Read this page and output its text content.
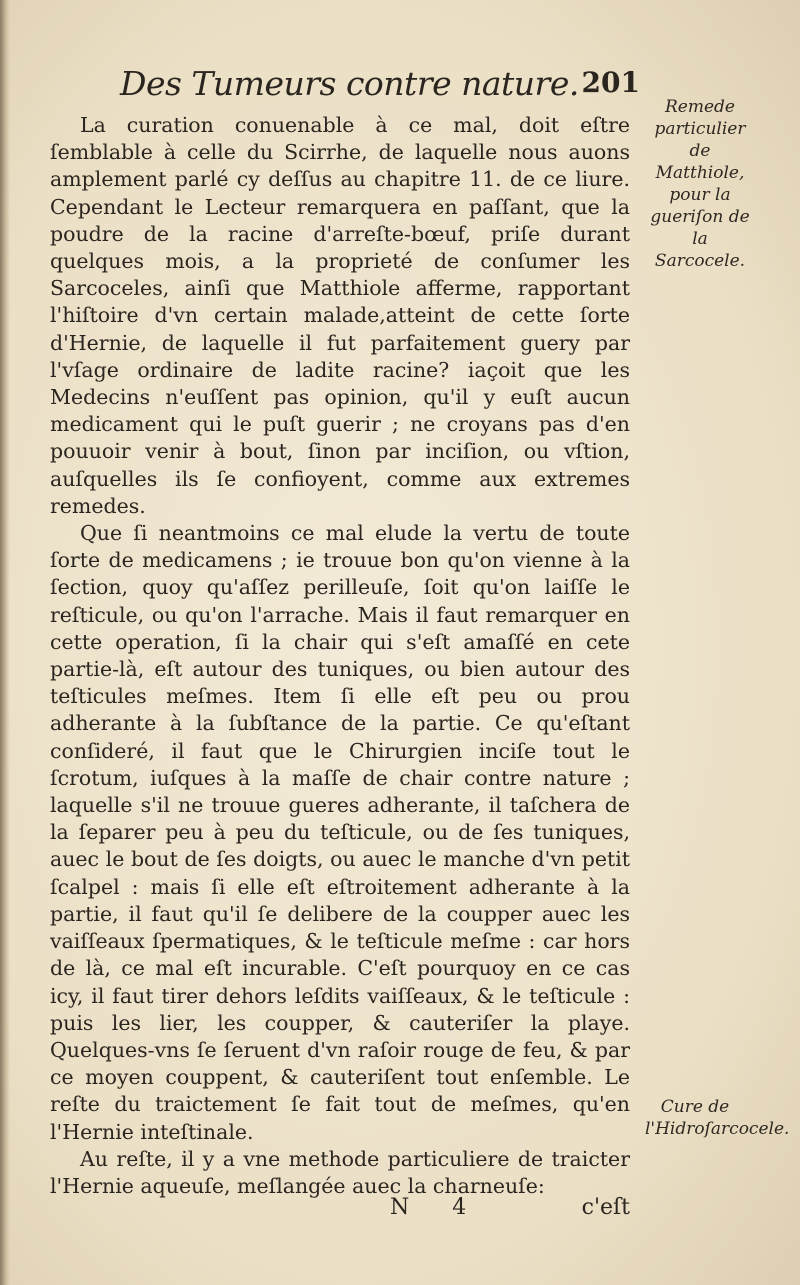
Des Tumeurs contre nature. 201

La curation conuenable à ce mal, doit eſtre ſemblable à celle du Scirrhe, de laquelle nous auons amplement parlé cy deſſus au chapitre 11. de ce liure. Cependant le Lecteur remarquera en paſſant, que la poudre de la racine d'arreſte-bœuf, priſe durant quelques mois, a la proprieté de conſumer les Sarcoceles, ainſi que Matthiole afferme, rapportant l'hiſtoire d'vn certain malade,atteint de cette ſorte d'Hernie, de laquelle il fut parfaitement guery par l'vſage ordinaire de ladite racine? iaçoit que les Medecins n'euſſent pas opinion, qu'il y euſt aucun medicament qui le puſt guerir ; ne croyans pas d'en pouuoir venir à bout, ſinon par inciſion, ou vſtion, auſquelles ils ſe confioyent, comme aux extremes remedes.

Que ſi neantmoins ce mal elude la vertu de toute ſorte de medicamens ; ie trouue bon qu'on vienne à la ſection, quoy qu'aſſez perilleuſe, ſoit qu'on laiſſe le reſticule, ou qu'on l'arrache. Mais il faut remarquer en cette operation, ſi la chair qui s'eſt amaſſé en cete partie-là, eſt autour des tuniques, ou bien autour des teſticules meſmes. Item ſi elle eſt peu ou prou adherante à la ſubſtance de la partie. Ce qu'eſtant conſideré, il faut que le Chirurgien inciſe tout le ſcrotum, iuſques à la maſſe de chair contre nature ; laquelle s'il ne trouue gueres adherante, il taſchera de la ſeparer peu à peu du teſticule, ou de ſes tuniques, auec le bout de ſes doigts, ou auec le manche d'vn petit ſcalpel : mais ſi elle eſt eſtroitement adherante à la partie, il faut qu'il ſe delibere de la coupper auec les vaiſſeaux ſpermatiques, & le teſticule meſme : car hors de là, ce mal eſt incurable. C'eſt pourquoy en ce cas icy, il faut tirer dehors leſdits vaiſſeaux, & le teſticule : puis les lier, les coupper, & cauteriſer la playe. Quelques-vns ſe ſeruent d'vn raſoir rouge de feu, & par ce moyen couppent, & cauteriſent tout enſemble. Le reſte du traictement ſe fait tout de meſmes, qu'en l'Hernie inteſtinale.

Au reſte, il y a vne methode particuliere de traicter l'Hernie aqueuſe, meſlangée auec la charneuſe:

Remede particulier de Matthiole, pour la gueriſon de la Sarcocele.
Cure de l'Hidroſarcocele.
N 4	c'eſt
